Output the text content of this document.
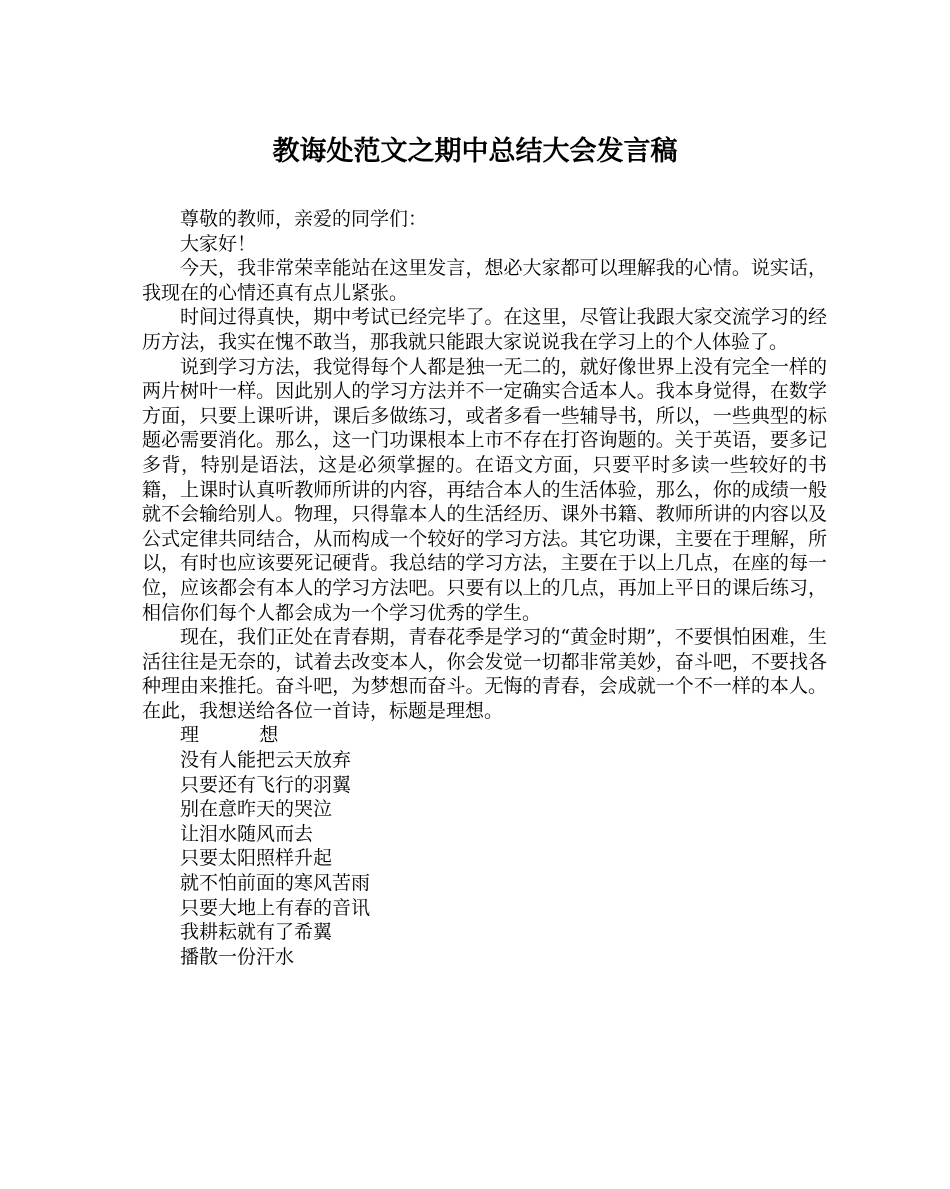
教诲处范文之期中总结大会发言稿

尊敬的教师，亲爱的同学们：

大家好！

今天，我非常荣幸能站在这里发言，想必大家都可以理解我的心情。说实话，我现在的心情还真有点儿紧张。

时间过得真快，期中考试已经完毕了。在这里，尽管让我跟大家交流学习的经历方法，我实在愧不敢当，那我就只能跟大家说说我在学习上的个人体验了。

说到学习方法，我觉得每个人都是独一无二的，就好像世界上没有完全一样的两片树叶一样。因此别人的学习方法并不一定确实合适本人。我本身觉得，在数学方面，只要上课听讲，课后多做练习，或者多看一些辅导书，所以，一些典型的标题必需要消化。那么，这一门功课根本上市不存在打咨询题的。关于英语，要多记多背，特别是语法，这是必须掌握的。在语文方面，只要平时多读一些较好的书籍，上课时认真听教师所讲的内容，再结合本人的生活体验，那么，你的成绩一般就不会输给别人。物理，只得靠本人的生活经历、课外书籍、教师所讲的内容以及公式定律共同结合，从而构成一个较好的学习方法。其它功课，主要在于理解，所以，有时也应该要死记硬背。我总结的学习方法，主要在于以上几点，在座的每一位，应该都会有本人的学习方法吧。只要有以上的几点，再加上平日的课后练习，相信你们每个人都会成为一个学习优秀的学生。

现在，我们正处在青春期，青春花季是学习的“黄金时期”，不要惧怕困难，生活往往是无奈的，试着去改变本人，你会发觉一切都非常美妙，奋斗吧，不要找各种理由来推托。奋斗吧，为梦想而奋斗。无悔的青春，会成就一个不一样的本人。在此，我想送给各位一首诗，标题是理想。

理          想

没有人能把云天放弃

只要还有飞行的羽翼

别在意昨天的哭泣

让泪水随风而去

只要太阳照样升起

就不怕前面的寒风苦雨

只要大地上有春的音讯

我耕耘就有了希翼

播散一份汗水
